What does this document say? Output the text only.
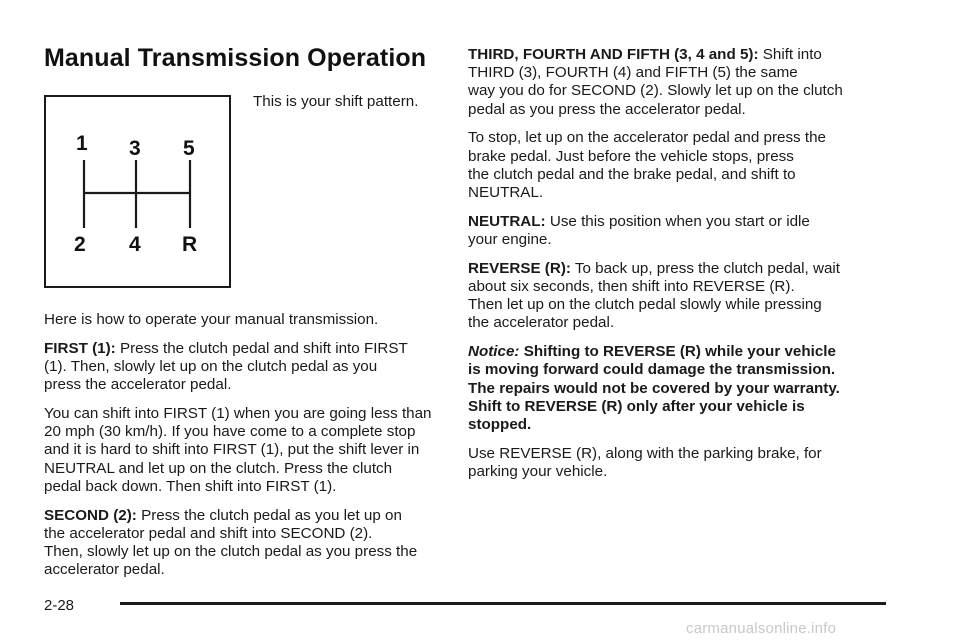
Manual Transmission Operation
1 3 5
2 4 R
This is your shift pattern.

Here is how to operate your manual transmission.

FIRST (1): Press the clutch pedal and shift into FIRST
(1). Then, slowly let up on the clutch pedal as you
press the accelerator pedal.

You can shift into FIRST (1) when you are going less than
20 mph (30 km/h). If you have come to a complete stop
and it is hard to shift into FIRST (1), put the shift lever in
NEUTRAL and let up on the clutch. Press the clutch
pedal back down. Then shift into FIRST (1).

SECOND (2): Press the clutch pedal as you let up on
the accelerator pedal and shift into SECOND (2).
Then, slowly let up on the clutch pedal as you press the
accelerator pedal.

THIRD, FOURTH AND FIFTH (3, 4 and 5): Shift into
THIRD (3), FOURTH (4) and FIFTH (5) the same
way you do for SECOND (2). Slowly let up on the clutch
pedal as you press the accelerator pedal.

To stop, let up on the accelerator pedal and press the
brake pedal. Just before the vehicle stops, press
the clutch pedal and the brake pedal, and shift to
NEUTRAL.

NEUTRAL: Use this position when you start or idle
your engine.

REVERSE (R): To back up, press the clutch pedal, wait
about six seconds, then shift into REVERSE (R).
Then let up on the clutch pedal slowly while pressing
the accelerator pedal.

Notice: Shifting to REVERSE (R) while your vehicle
is moving forward could damage the transmission.
The repairs would not be covered by your warranty.
Shift to REVERSE (R) only after your vehicle is
stopped.

Use REVERSE (R), along with the parking brake, for
parking your vehicle.

2-28
carmanualsonline.info
